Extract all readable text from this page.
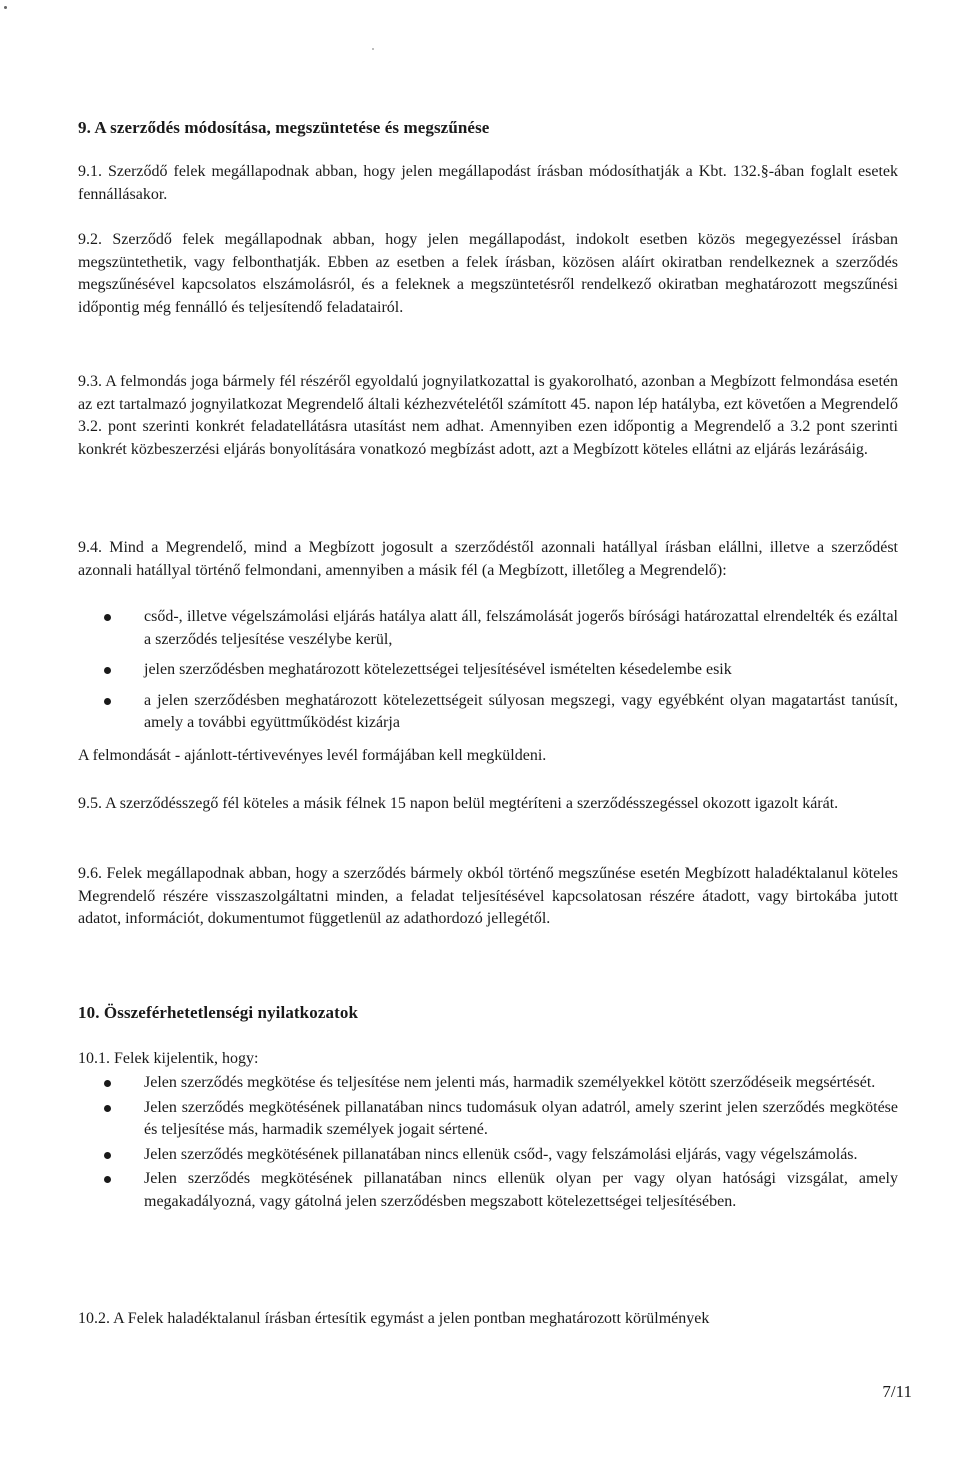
9. A szerződés módosítása, megszüntetése és megszűnése
9.1. Szerződő felek megállapodnak abban, hogy jelen megállapodást írásban módosíthatják a Kbt. 132.§-ában foglalt esetek fennállásakor.
9.2. Szerződő felek megállapodnak abban, hogy jelen megállapodást, indokolt esetben közös megegyezéssel írásban megszüntethetik, vagy felbonthatják. Ebben az esetben a felek írásban, közösen aláírt okiratban rendelkeznek a szerződés megszűnésével kapcsolatos elszámolásról, és a feleknek a megszüntetésről rendelkező okiratban meghatározott megszűnési időpontig még fennálló és teljesítendő feladatairól.
9.3. A felmondás joga bármely fél részéről egyoldalú jognyilatkozattal is gyakorolható, azonban a Megbízott felmondása esetén az ezt tartalmazó jognyilatkozat Megrendelő általi kézhezvételétől számított 45. napon lép hatályba, ezt követően a Megrendelő 3.2. pont szerinti konkrét feladatellátásra utasítást nem adhat. Amennyiben ezen időpontig a Megrendelő a 3.2 pont szerinti konkrét közbeszerzési eljárás bonyolítására vonatkozó megbízást adott, azt a Megbízott köteles ellátni az eljárás lezárásáig.
9.4. Mind a Megrendelő, mind a Megbízott jogosult a szerződéstől azonnali hatállyal írásban elállni, illetve a szerződést azonnali hatállyal történő felmondani, amennyiben a másik fél (a Megbízott, illetőleg a Megrendelő):
csőd-, illetve végelszámolási eljárás hatálya alatt áll, felszámolását jogerős bírósági határozattal elrendelték és ezáltal a szerződés teljesítése veszélybe kerül,
jelen szerződésben meghatározott kötelezettségei teljesítésével ismételten késedelembe esik
a jelen szerződésben meghatározott kötelezettségeit súlyosan megszegi, vagy egyébként olyan magatartást tanúsít, amely a további együttműködést kizárja
A felmondását - ajánlott-tértivevényes levél formájában kell megküldeni.
9.5. A szerződésszegő fél köteles a másik félnek 15 napon belül megtéríteni a szerződésszegéssel okozott igazolt kárát.
9.6. Felek megállapodnak abban, hogy a szerződés bármely okból történő megszűnése esetén Megbízott haladéktalanul köteles Megrendelő részére visszaszolgáltatni minden, a feladat teljesítésével kapcsolatosan részére átadott, vagy birtokába jutott adatot, információt, dokumentumot függetlenül az adathordozó jellegétől.
10. Összeférhetetlenségi nyilatkozatok
10.1. Felek kijelentik, hogy:
Jelen szerződés megkötése és teljesítése nem jelenti más, harmadik személyekkel kötött szerződéseik megsértését.
Jelen szerződés megkötésének pillanatában nincs tudomásuk olyan adatról, amely szerint jelen szerződés megkötése és teljesítése más, harmadik személyek jogait sértené.
Jelen szerződés megkötésének pillanatában nincs ellenük csőd-, vagy felszámolási eljárás, vagy végelszámolás.
Jelen szerződés megkötésének pillanatában nincs ellenük olyan per vagy olyan hatósági vizsgálat, amely megakadályozná, vagy gátolná jelen szerződésben megszabott kötelezettségei teljesítésében.
10.2. A Felek haladéktalanul írásban értesítik egymást a jelen pontban meghatározott körülmények
7/11
